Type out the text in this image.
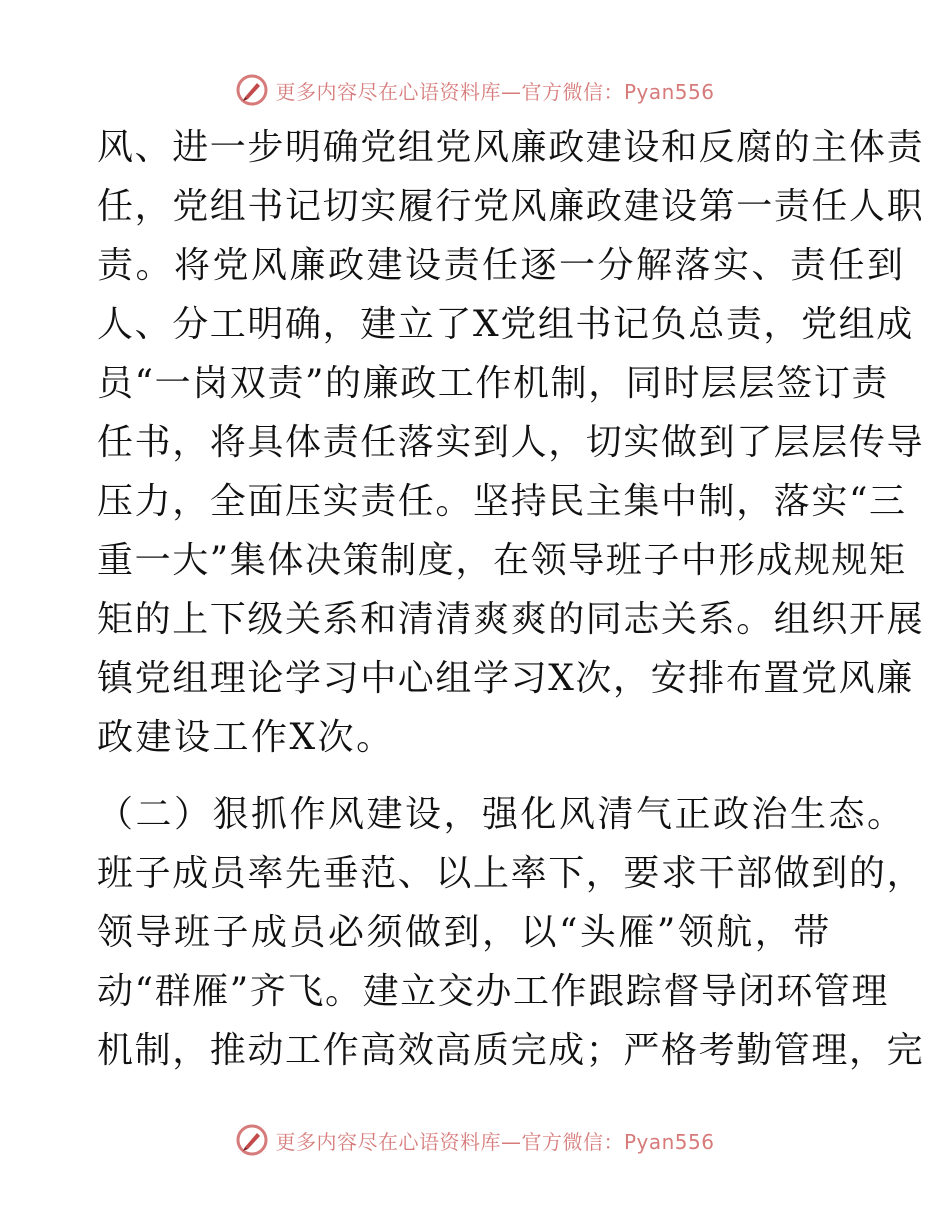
更多内容尽在心语资料库—官方微信：Pyan556
风、进一步明确党组党风廉政建设和反腐的主体责
任，党组书记切实履行党风廉政建设第一责任人职
责。将党风廉政建设责任逐一分解落实、责任到
人、分工明确，建立了X党组书记负总责，党组成
员“一岗双责”的廉政工作机制，同时层层签订责
任书，将具体责任落实到人，切实做到了层层传导
压力，全面压实责任。坚持民主集中制，落实“三
重一大”集体决策制度，在领导班子中形成规规矩
矩的上下级关系和清清爽爽的同志关系。组织开展
镇党组理论学习中心组学习X次，安排布置党风廉
政建设工作X次。
（二）狠抓作风建设，强化风清气正政治生态。
班子成员率先垂范、以上率下，要求干部做到的，
领导班子成员必须做到，以“头雁”领航，带
动“群雁”齐飞。建立交办工作跟踪督导闭环管理
机制，推动工作高效高质完成；严格考勤管理，完
更多内容尽在心语资料库—官方微信：Pyan556
